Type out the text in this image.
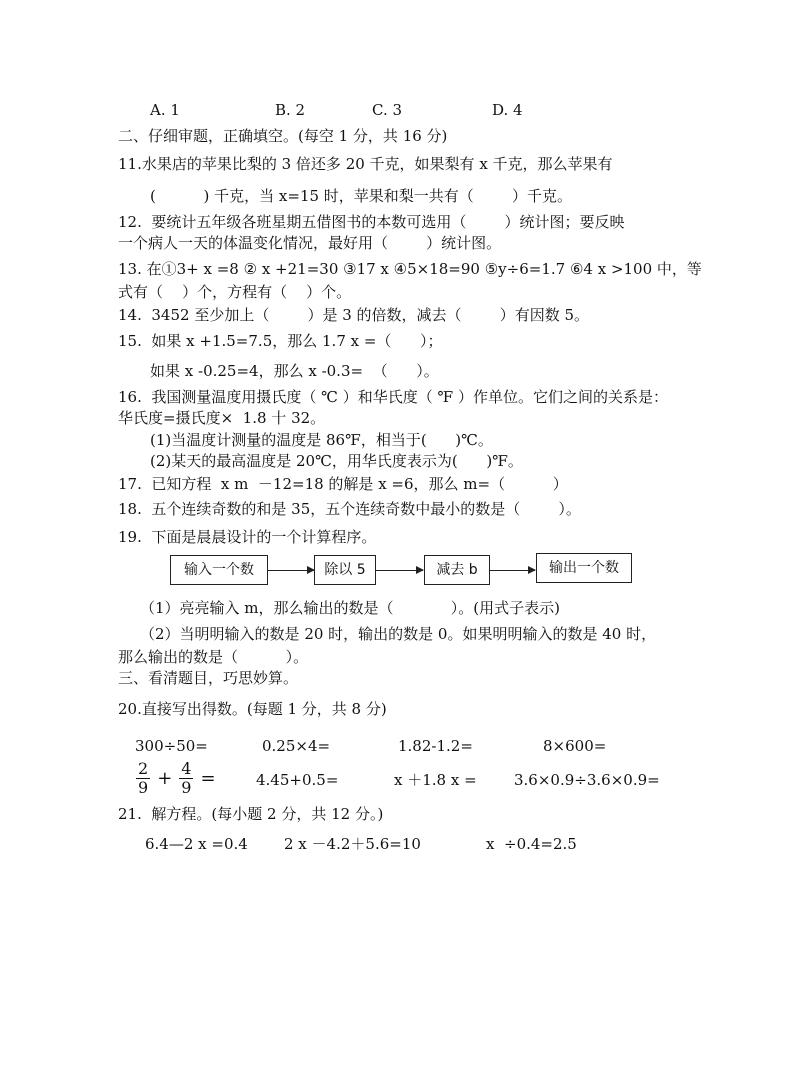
A. 1	B. 2	C. 3	D. 4
二、仔细审题，正确填空。(每空 1 分，共 16 分)
11.水果店的苹果比梨的 3 倍还多 20 千克，如果梨有 x 千克，那么苹果有
(          ) 千克，当 x=15 时，苹果和梨一共有（        ）千克。
12.  要统计五年级各班星期五借图书的本数可选用（        ）统计图；要反映
一个病人一天的体温变化情况，最好用（        ）统计图。
13. 在①3+ x =8 ② x +21=30 ③17 x ④5×18=90 ⑤y÷6=1.7 ⑥4 x >100 中，等
式有（    ）个，方程有（    ）个。
14.  3452 至少加上（        ）是 3 的倍数，减去（        ）有因数 5。
15.  如果 x +1.5=7.5，那么 1.7 x =（      ）；
如果 x -0.25=4，那么 x -0.3=  （      ）。
16.  我国测量温度用摄氏度（ ℃ ）和华氏度（ ℉ ）作单位。它们之间的关系是：
华氏度=摄氏度×  1.8 十 32。
(1)当温度计测量的温度是 86℉，相当于(      )℃。
(2)某天的最高温度是 20℃，用华氏度表示为(      )℉。
17.  已知方程  x m  －12=18 的解是 x =6，那么 m=（          ）
18.  五个连续奇数的和是 35，五个连续奇数中最小的数是（        ）。
19.  下面是晨晨设计的一个计算程序。
输入一个数	除以 5	减去 b	输出一个数
（1）亮亮输入 m，那么输出的数是（            ）。(用式子表示)
（2）当明明输入的数是 20 时，输出的数是 0。如果明明输入的数是 40 时，
那么输出的数是（          ）。
三、看清题目，巧思妙算。
20.直接写出得数。(每题 1 分，共 8 分)
300÷50=	0.25×4=	1.82-1.2=	8×600=
$\frac{2}{9} + \frac{4}{9}$ =	4.45+0.5=	x ＋1.8 x = 3.6×0.9÷3.6×0.9=
21.  解方程。(每小题 2 分，共 12 分。)
6.4—2 x =0.4 2 x －4.2＋5.6=10	x  ÷0.4=2.5
